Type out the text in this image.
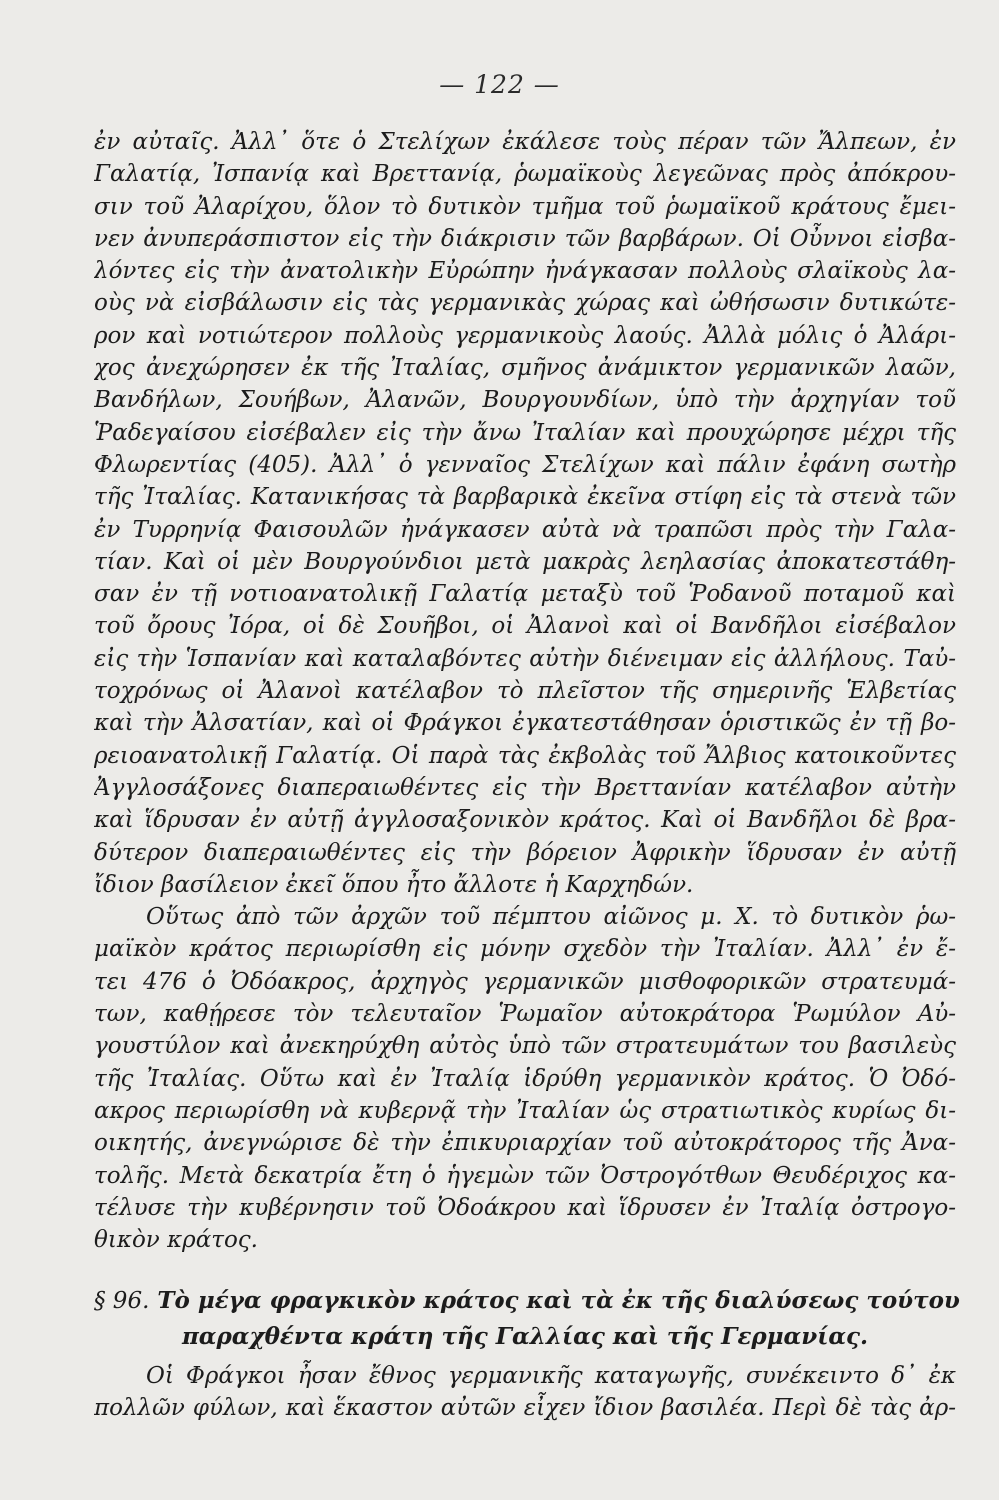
— 122 —
ἐν αὐταῖς. Ἀλλ᾽ ὅτε ὁ Στελίχων ἐκάλεσε τοὺς πέραν τῶν Ἄλπεων, ἐν
Γαλατίᾳ, Ἰσπανίᾳ καὶ Βρεττανίᾳ, ῥωμαϊκοὺς λεγεῶνας πρὸς ἀπόκρου-
σιν τοῦ Ἀλαρίχου, ὅλον τὸ δυτικὸν τμῆμα τοῦ ῥωμαϊκοῦ κράτους ἔμει-
νεν ἀνυπεράσπιστον εἰς τὴν διάκρισιν τῶν βαρβάρων. Οἱ Οὖννοι εἰσβα-
λόντες εἰς τὴν ἀνατολικὴν Εὐρώπην ἠνάγκασαν πολλοὺς σλαϊκοὺς λα-
οὺς νὰ εἰσβάλωσιν εἰς τὰς γερμανικὰς χώρας καὶ ὠθήσωσιν δυτικώτε-
ρον καὶ νοτιώτερον πολλοὺς γερμανικοὺς λαούς. Ἀλλὰ μόλις ὁ Ἀλάρι-
χος ἀνεχώρησεν ἐκ τῆς Ἰταλίας, σμῆνος ἀνάμικτον γερμανικῶν λαῶν,
Βανδήλων, Σουήβων, Ἀλανῶν, Βουργουνδίων, ὑπὸ τὴν ἀρχηγίαν τοῦ
Ῥαδεγαίσου εἰσέβαλεν εἰς τὴν ἄνω Ἰταλίαν καὶ προυχώρησε μέχρι τῆς
Φλωρεντίας (405). Ἀλλ᾽ ὁ γενναῖος Στελίχων καὶ πάλιν ἐφάνη σωτὴρ
τῆς Ἰταλίας. Κατανικήσας τὰ βαρβαρικὰ ἐκεῖνα στίφη εἰς τὰ στενὰ τῶν
ἐν Τυρρηνίᾳ Φαισουλῶν ἠνάγκασεν αὐτὰ νὰ τραπῶσι πρὸς τὴν Γαλα-
τίαν. Καὶ οἱ μὲν Βουργούνδιοι μετὰ μακρὰς λεηλασίας ἀποκατεστάθη-
σαν ἐν τῇ νοτιοανατολικῇ Γαλατίᾳ μεταξὺ τοῦ Ῥοδανοῦ ποταμοῦ καὶ
τοῦ ὄρους Ἰόρα, οἱ δὲ Σουῆβοι, οἱ Ἀλανοὶ καὶ οἱ Βανδῆλοι εἰσέβαλον
εἰς τὴν Ἱσπανίαν καὶ καταλαβόντες αὐτὴν διένειμαν εἰς ἀλλήλους. Ταὐ-
τοχρόνως οἱ Ἀλανοὶ κατέλαβον τὸ πλεῖστον τῆς σημερινῆς Ἑλβετίας
καὶ τὴν Ἀλσατίαν, καὶ οἱ Φράγκοι ἐγκατεστάθησαν ὁριστικῶς ἐν τῇ βο-
ρειοανατολικῇ Γαλατίᾳ. Οἱ παρὰ τὰς ἐκβολὰς τοῦ Ἄλβιος κατοικοῦντες
Ἀγγλοσάξονες διαπεραιωθέντες εἰς τὴν Βρεττανίαν κατέλαβον αὐτὴν
καὶ ἵδρυσαν ἐν αὐτῇ ἀγγλοσαξονικὸν κράτος. Καὶ οἱ Βανδῆλοι δὲ βρα-
δύτερον διαπεραιωθέντες εἰς τὴν βόρειον Ἀφρικὴν ἵδρυσαν ἐν αὐτῇ
ἴδιον βασίλειον ἐκεῖ ὅπου ἦτο ἄλλοτε ἡ Καρχηδών.
Οὕτως ἀπὸ τῶν ἀρχῶν τοῦ πέμπτου αἰῶνος μ. Χ. τὸ δυτικὸν ῥω-
μαϊκὸν κράτος περιωρίσθη εἰς μόνην σχεδὸν τὴν Ἰταλίαν. Ἀλλ᾽ ἐν ἔ-
τει 476 ὁ Ὀδόακρος, ἀρχηγὸς γερμανικῶν μισθοφορικῶν στρατευμά-
των, καθῄρεσε τὸν τελευταῖον Ῥωμαῖον αὐτοκράτορα Ῥωμύλον Αὐ-
γουστύλον καὶ ἀνεκηρύχθη αὐτὸς ὑπὸ τῶν στρατευμάτων του βασιλεὺς
τῆς Ἰταλίας. Οὕτω καὶ ἐν Ἰταλίᾳ ἱδρύθη γερμανικὸν κράτος. Ὁ Ὀδό-
ακρος περιωρίσθη νὰ κυβερνᾷ τὴν Ἰταλίαν ὡς στρατιωτικὸς κυρίως δι-
οικητής, ἀνεγνώρισε δὲ τὴν ἐπικυριαρχίαν τοῦ αὐτοκράτορος τῆς Ἀνα-
τολῆς. Μετὰ δεκατρία ἔτη ὁ ἡγεμὼν τῶν Ὀστρογότθων Θευδέριχος κα-
τέλυσε τὴν κυβέρνησιν τοῦ Ὀδοάκρου καὶ ἵδρυσεν ἐν Ἰταλίᾳ ὀστρογο-
θικὸν κράτος.
§ 96. Τὸ μέγα φραγκικὸν κράτος καὶ τὰ ἐκ τῆς διαλύσεως τούτου
παραχθέντα κράτη τῆς Γαλλίας καὶ τῆς Γερμανίας.
Οἱ Φράγκοι ἦσαν ἔθνος γερμανικῆς καταγωγῆς, συνέκειντο δ᾽ ἐκ
πολλῶν φύλων, καὶ ἕκαστον αὐτῶν εἶχεν ἴδιον βασιλέα. Περὶ δὲ τὰς ἀρ-
